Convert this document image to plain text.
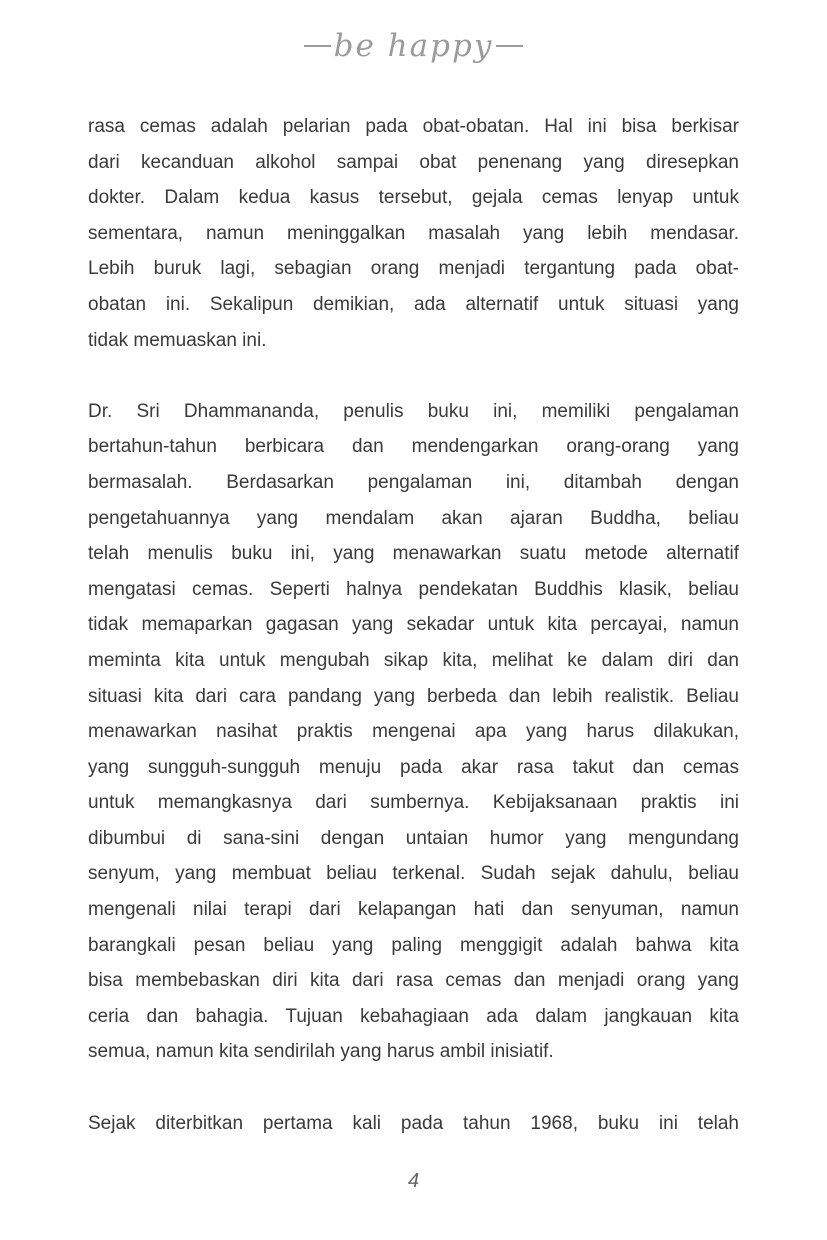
be happy
rasa cemas adalah pelarian pada obat-obatan. Hal ini bisa berkisar
dari kecanduan alkohol sampai obat penenang yang diresepkan
dokter. Dalam kedua kasus tersebut, gejala cemas lenyap untuk
sementara, namun meninggalkan masalah yang lebih mendasar.
Lebih buruk lagi, sebagian orang menjadi tergantung pada obat-
obatan ini. Sekalipun demikian, ada alternatif untuk situasi yang
tidak memuaskan ini.
Dr. Sri Dhammananda, penulis buku ini, memiliki pengalaman
bertahun-tahun berbicara dan mendengarkan orang-orang yang
bermasalah. Berdasarkan pengalaman ini, ditambah dengan
pengetahuannya yang mendalam akan ajaran Buddha, beliau
telah menulis buku ini, yang menawarkan suatu metode alternatif
mengatasi cemas. Seperti halnya pendekatan Buddhis klasik, beliau
tidak memaparkan gagasan yang sekadar untuk kita percayai, namun
meminta kita untuk mengubah sikap kita, melihat ke dalam diri dan
situasi kita dari cara pandang yang berbeda dan lebih realistik. Beliau
menawarkan nasihat praktis mengenai apa yang harus dilakukan,
yang sungguh-sungguh menuju pada akar rasa takut dan cemas
untuk memangkasnya dari sumbernya. Kebijaksanaan praktis ini
dibumbui di sana-sini dengan untaian humor yang mengundang
senyum, yang membuat beliau terkenal. Sudah sejak dahulu, beliau
mengenali nilai terapi dari kelapangan hati dan senyuman, namun
barangkali pesan beliau yang paling menggigit adalah bahwa kita
bisa membebaskan diri kita dari rasa cemas dan menjadi orang yang
ceria dan bahagia. Tujuan kebahagiaan ada dalam jangkauan kita
semua, namun kita sendirilah yang harus ambil inisiatif.
Sejak diterbitkan pertama kali pada tahun 1968, buku ini telah
4
